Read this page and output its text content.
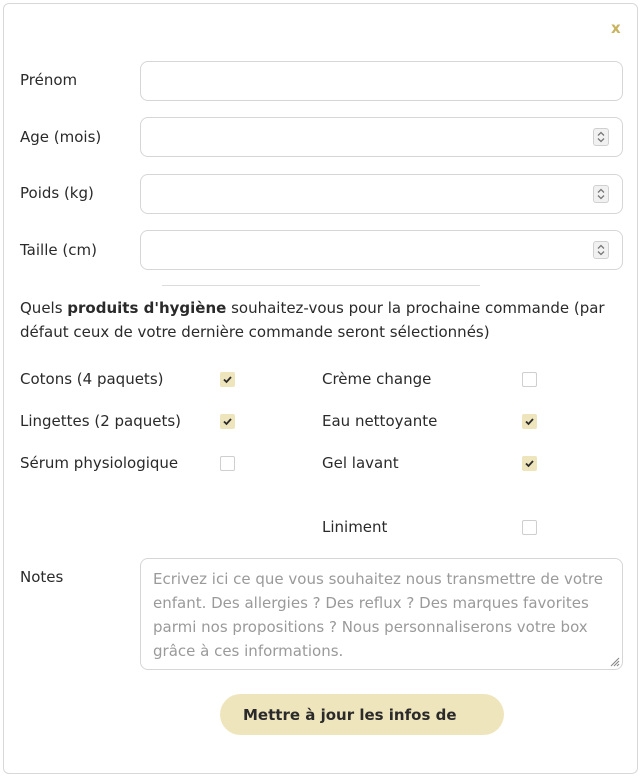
x
Prénom
Age (mois)
Poids (kg)
Taille (cm)

Quels produits d'hygiène souhaitez-vous pour la prochaine commande (par défaut ceux de votre dernière commande seront sélectionnés)

Cotons (4 paquets)
Lingettes (2 paquets)
Sérum physiologique
Crème change
Eau nettoyante
Gel lavant
Liniment
Notes
Ecrivez ici ce que vous souhaitez nous transmettre de votre enfant. Des allergies ? Des reflux ? Des marques favorites parmi nos propositions ? Nous personnaliserons votre box grâce à ces informations.
Mettre à jour les infos de
